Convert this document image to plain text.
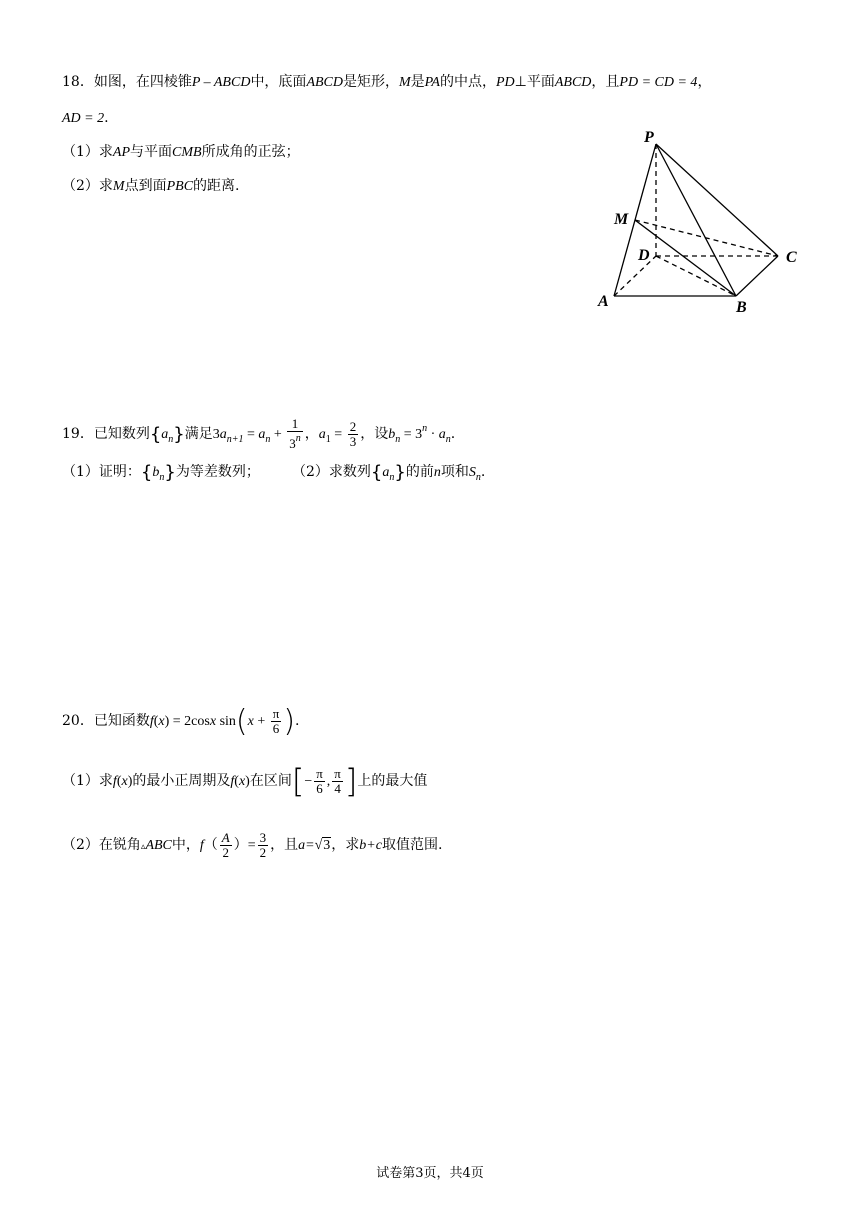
18．如图，在四棱锥P – ABCD中，底面ABCD是矩形，M是PA的中点，PD⊥平面ABCD，且PD = CD = 4，
AD = 2.
（1）求AP与平面CMB所成角的正弦；
（2）求M点到面PBC的距离.
P
M
D	C
A	B
19．已知数列$\{a_n\}$满足$3a_{n+1} = a_n + \frac{1}{3^n}$ ，$a_1 = \frac{2}{3}$ ，设$b_n = 3^n \cdot a_n$.
（1）证明：$\{b_n\}$为等差数列； （2）求数列$\{a_n\}$的前n项和$S_n$.
20．已知函数f(x) = 2cosx $\sin(x + \frac{\pi}{6}$ ).
（1）求f(x)的最小正周期及f(x)在区间[− $\frac{\pi}{6}$ , $\frac{\pi}{4}$ ]上的最大值
（2）在锐角▵ABC中，$f( \frac{A}{2}$ ）= $\frac{3}{2}$ ，且a=√3，求b+c取值范围.
试卷第3页，共4页
